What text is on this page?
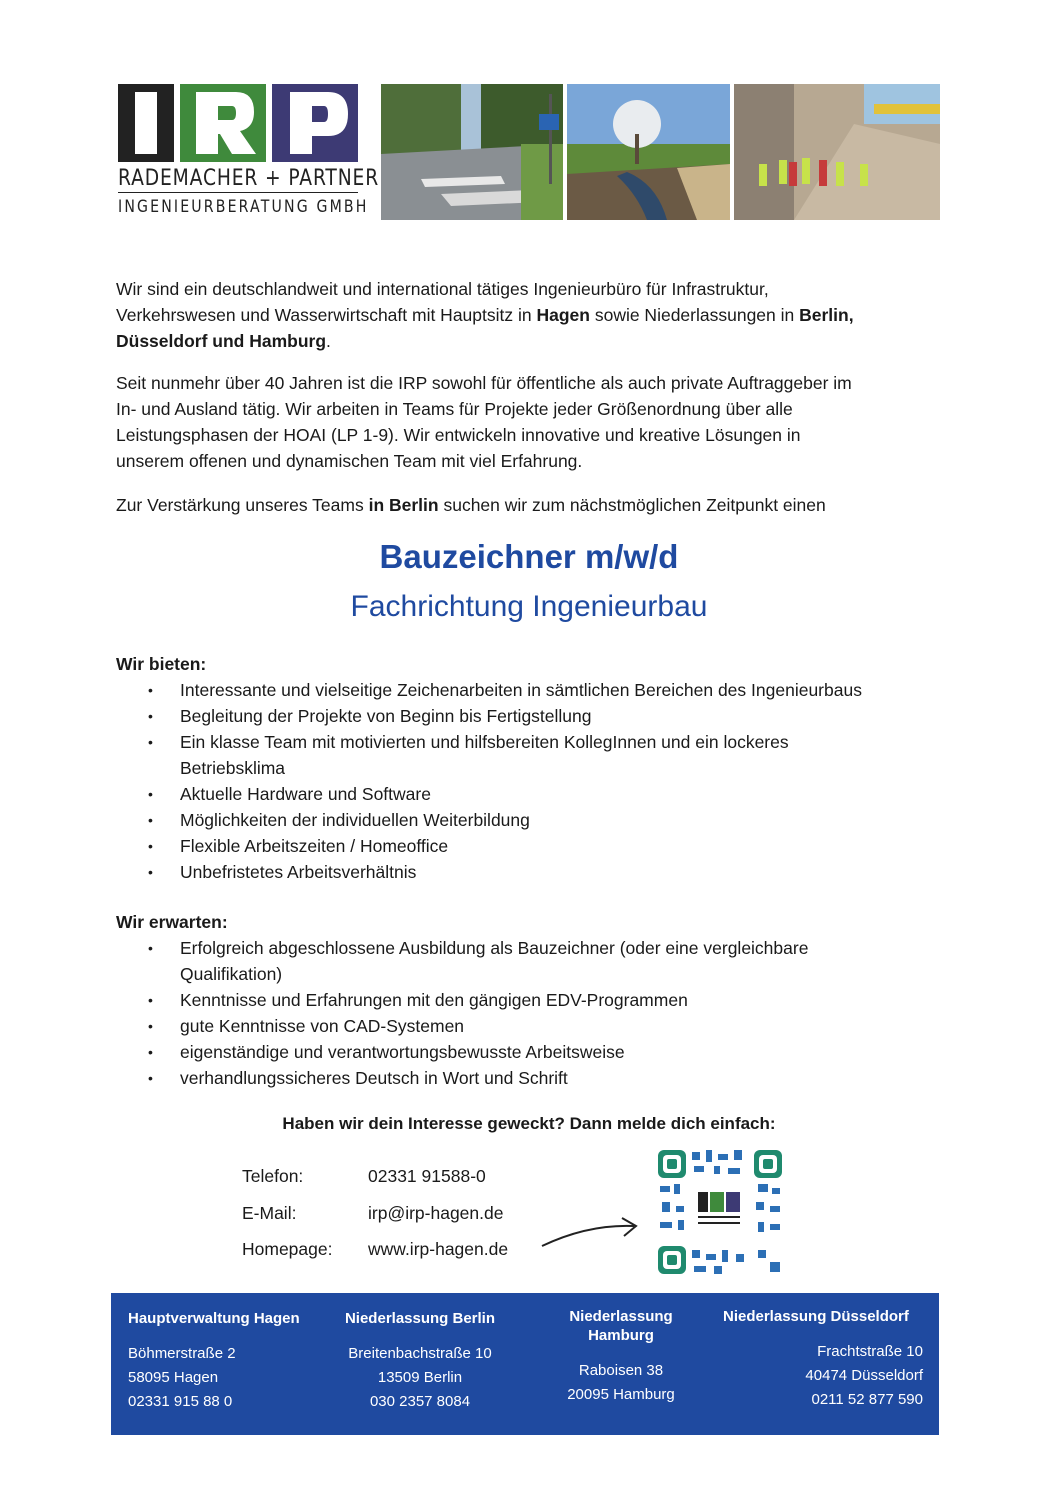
RADEMACHER + PARTNER
INGENIEURBERATUNG GMBH
Wir sind ein deutschlandweit und international tätiges Ingenieurbüro für Infrastruktur,
Verkehrswesen und Wasserwirtschaft mit Hauptsitz in Hagen sowie Niederlassungen in Berlin,
Düsseldorf und Hamburg.
Seit nunmehr über 40 Jahren ist die IRP sowohl für öffentliche als auch private Auftraggeber im
In- und Ausland tätig. Wir arbeiten in Teams für Projekte jeder Größenordnung über alle
Leistungsphasen der HOAI (LP 1-9). Wir entwickeln innovative und kreative Lösungen in
unserem offenen und dynamischen Team mit viel Erfahrung.
Zur Verstärkung unseres Teams in Berlin suchen wir zum nächstmöglichen Zeitpunkt einen
Bauzeichner m/w/d
Fachrichtung Ingenieurbau
Wir bieten:
• Interessante und vielseitige Zeichenarbeiten in sämtlichen Bereichen des Ingenieurbaus
• Begleitung der Projekte von Beginn bis Fertigstellung
• Ein klasse Team mit motivierten und hilfsbereiten KollegInnen und ein lockeres
Betriebsklima
• Aktuelle Hardware und Software
• Möglichkeiten der individuellen Weiterbildung
• Flexible Arbeitszeiten / Homeoffice
• Unbefristetes Arbeitsverhältnis
Wir erwarten:
• Erfolgreich abgeschlossene Ausbildung als Bauzeichner (oder eine vergleichbare
Qualifikation)
• Kenntnisse und Erfahrungen mit den gängigen EDV-Programmen
• gute Kenntnisse von CAD-Systemen
• eigenständige und verantwortungsbewusste Arbeitsweise
• verhandlungssicheres Deutsch in Wort und Schrift
Haben wir dein Interesse geweckt? Dann melde dich einfach:
Telefon:	02331 91588-0
E-Mail:	irp@irp-hagen.de
Homepage: www.irp-hagen.de
Hauptverwaltung Hagen
Böhmerstraße 2
58095 Hagen
02331 915 88 0
Niederlassung Berlin
Breitenbachstraße 10
13509 Berlin
030 2357 8084
Niederlassung
Hamburg
Raboisen 38
20095 Hamburg
Niederlassung Düsseldorf
Frachtstraße 10
40474 Düsseldorf
0211 52 877 590
